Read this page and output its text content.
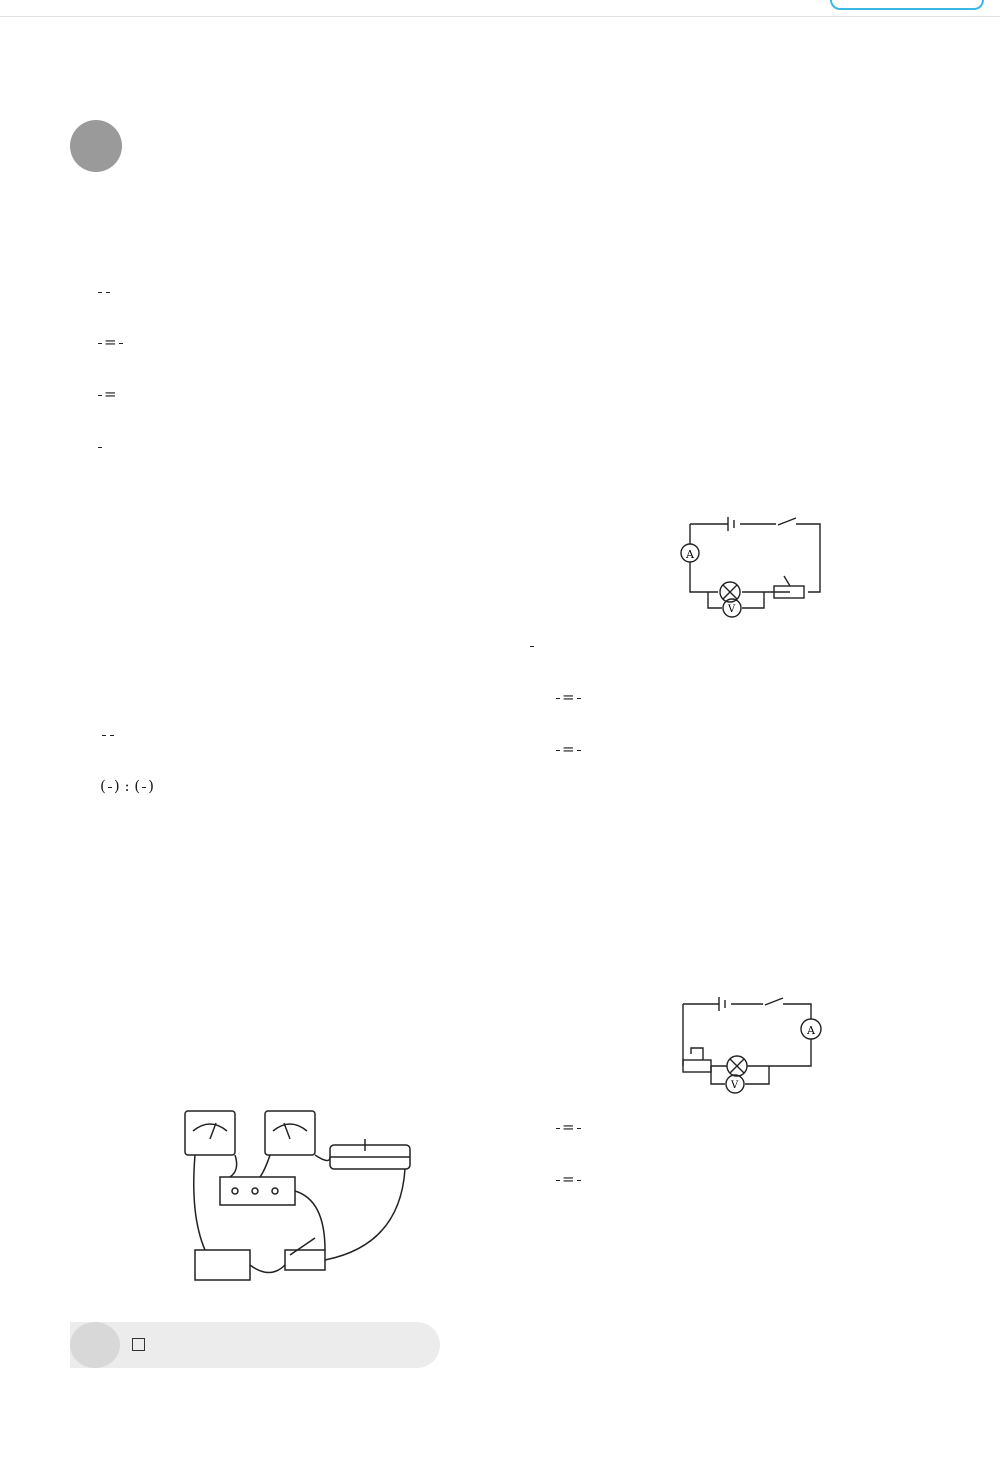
=

=

( ) : ( )

A
V

=

=

A
V

=

=
